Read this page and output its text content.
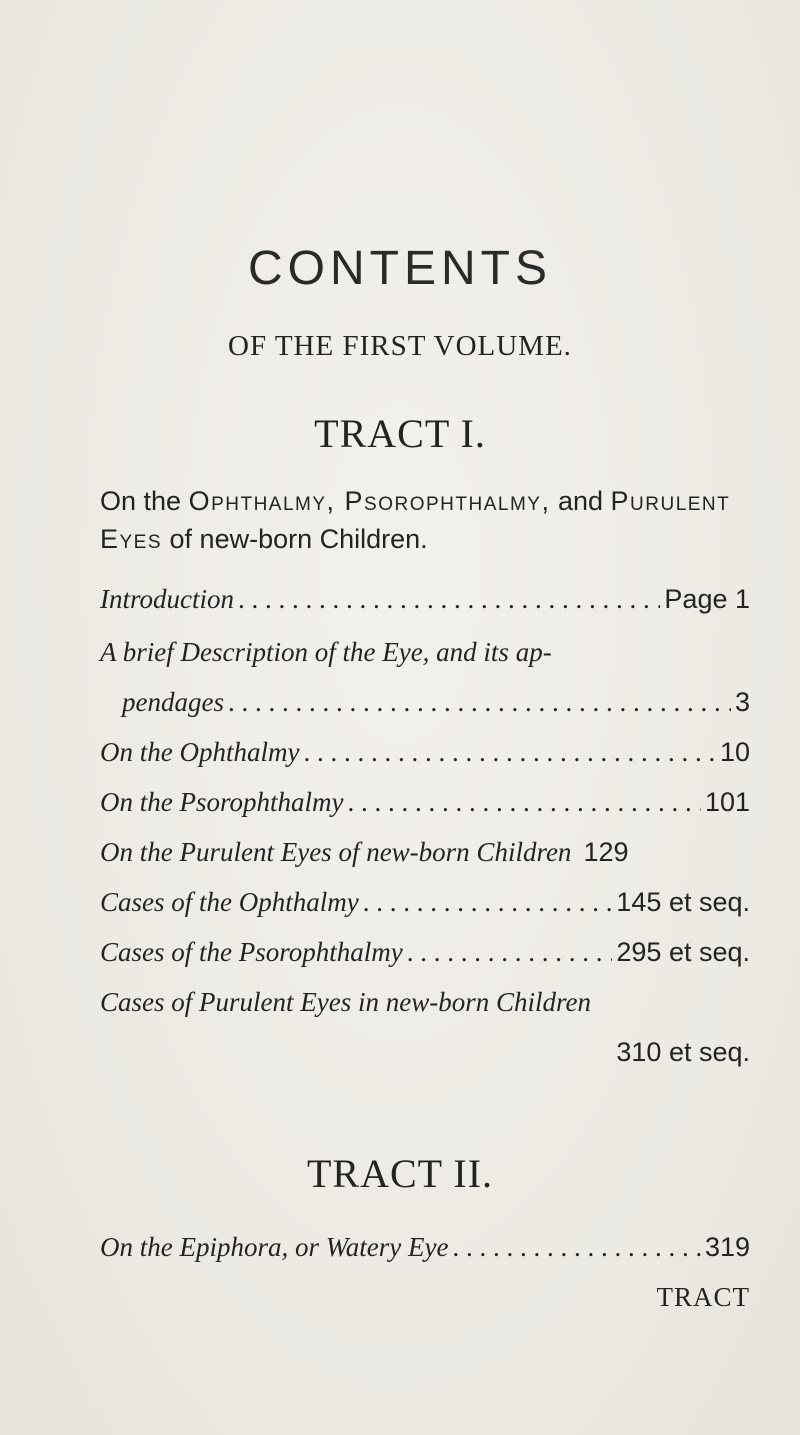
CONTENTS
OF THE FIRST VOLUME.
TRACT I.
On the Ophthalmy, Psorophthalmy, and Purulent Eyes of new-born Children.
Introduction . . .	Page 1
A brief Description of the Eye, and its ap-
pendages . . .	3
On the Ophthalmy . . .	10
On the Psorophthalmy . . .	101
On the Purulent Eyes of new-born Children 129
Cases of the Ophthalmy . . .	145 et seq.
Cases of the Psorophthalmy . . .	295 et seq.
Cases of Purulent Eyes in new-born Children
310 et seq.
TRACT II.
On the Epiphora, or Watery Eye . . .	319
TRACT
